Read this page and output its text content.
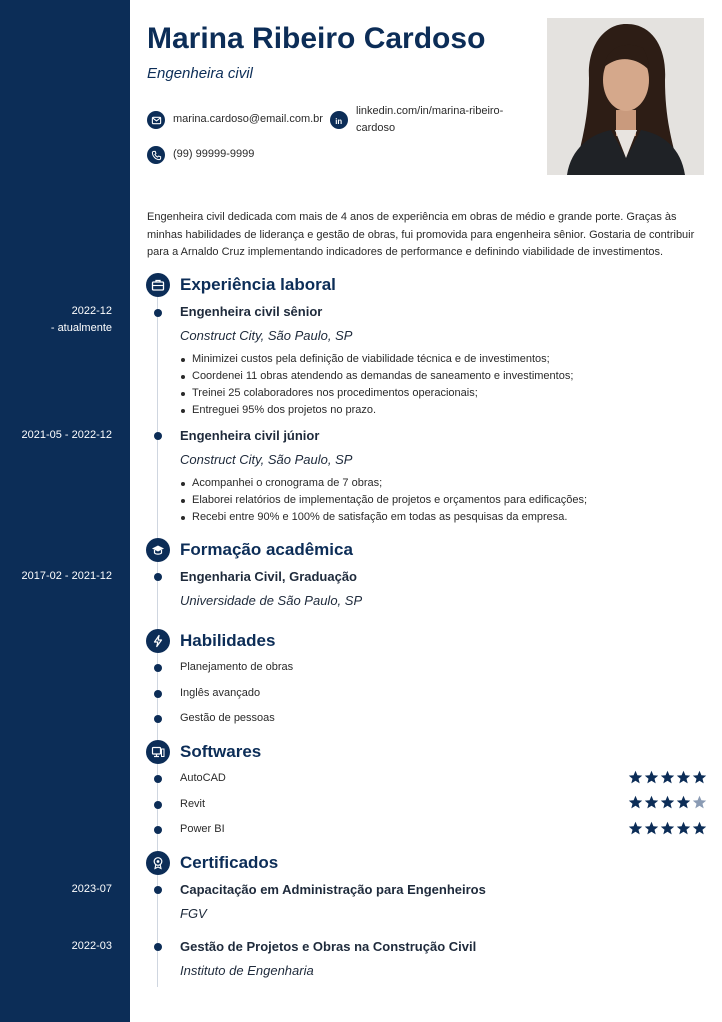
Marina Ribeiro Cardoso
Engenheira civil
marina.cardoso@email.com.br in
linkedin.com/in/marina-ribeiro-
cardoso
(99) 99999-9999
Engenheira civil dedicada com mais de 4 anos de experiência em obras de médio e grande porte. Graças às minhas habilidades de liderança e gestão de obras, fui promovida para engenheira sênior. Gostaria de contribuir para a Arnaldo Cruz implementando indicadores de performance e definindo viabilidade de investimentos.
Experiência laboral
2022-12
- atualmente
Engenheira civil sênior
Construct City, São Paulo, SP
Minimizei custos pela definição de viabilidade técnica e de investimentos;
Coordenei 11 obras atendendo as demandas de saneamento e investimentos;
Treinei 25 colaboradores nos procedimentos operacionais;
Entreguei 95% dos projetos no prazo.
2021-05 - 2022-12	Engenheira civil júnior
Construct City, São Paulo, SP
Acompanhei o cronograma de 7 obras;
Elaborei relatórios de implementação de projetos e orçamentos para edificações;
Recebi entre 90% e 100% de satisfação em todas as pesquisas da empresa.
Formação acadêmica
2017-02 - 2021-12	Engenharia Civil, Graduação
Universidade de São Paulo, SP
Habilidades
Planejamento de obras
Inglês avançado
Gestão de pessoas
Softwares
AutoCAD
Revit
Power BI
Certificados
2023-07	Capacitação em Administração para Engenheiros
FGV
2022-03	Gestão de Projetos e Obras na Construção Civil
Instituto de Engenharia
